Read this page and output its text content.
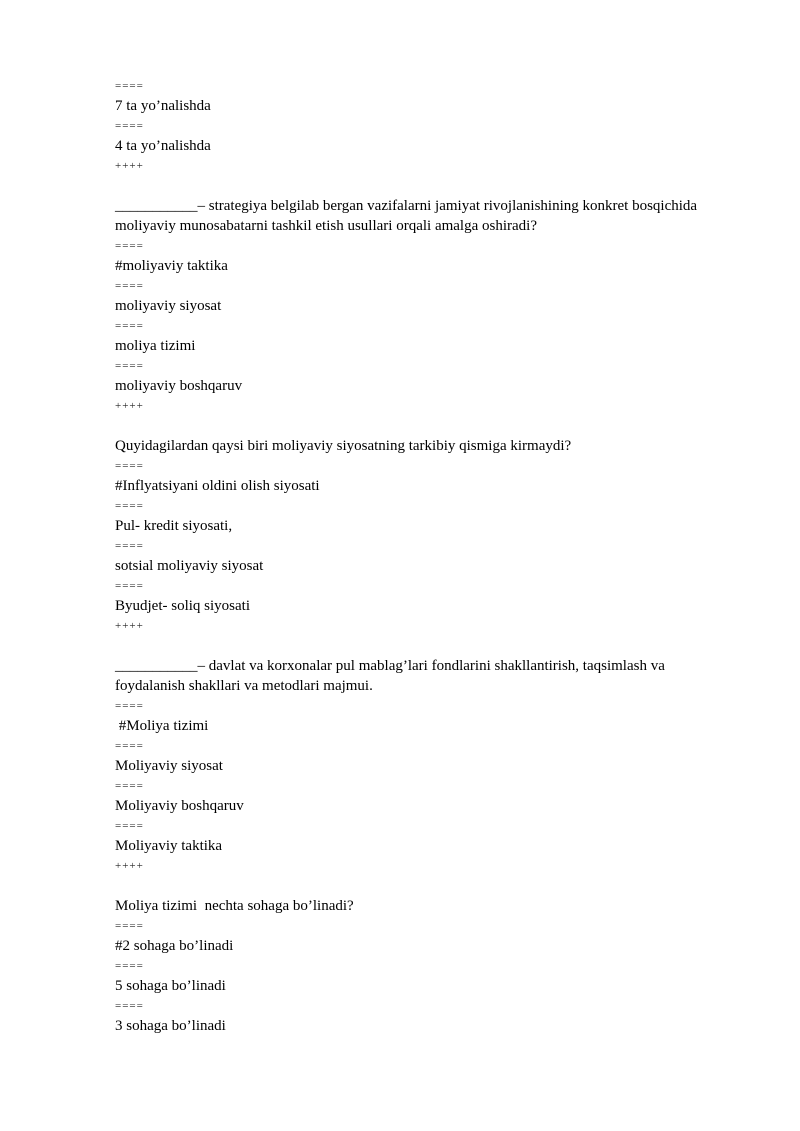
====
7 ta yo’nalishda
====
4 ta yo’nalishda
++++
___________– strategiya belgilab bergan vazifalarni jamiyat rivojlanishining konkret bosqichida moliyaviy munosabatarni tashkil etish usullari orqali amalga oshiradi?
====
#moliyaviy taktika
====
moliyaviy siyosat
====
moliya tizimi
====
moliyaviy boshqaruv
++++
Quyidagilardan qaysi biri moliyaviy siyosatning tarkibiy qismiga kirmaydi?
====
#Inflyatsiyani oldini olish siyosati
====
Pul- kredit siyosati,
====
sotsial moliyaviy siyosat
====
Byudjet- soliq siyosati
++++
___________– davlat va korxonalar pul mablag’lari fondlarini shakllantirish, taqsimlash va foydalanish shakllari va metodlari majmui.
====
#Moliya tizimi
====
Moliyaviy siyosat
====
Moliyaviy boshqaruv
====
Moliyaviy taktika
++++
Moliya tizimi  nechta sohaga bo’linadi?
====
#2 sohaga bo’linadi
====
5 sohaga bo’linadi
====
3 sohaga bo’linadi
